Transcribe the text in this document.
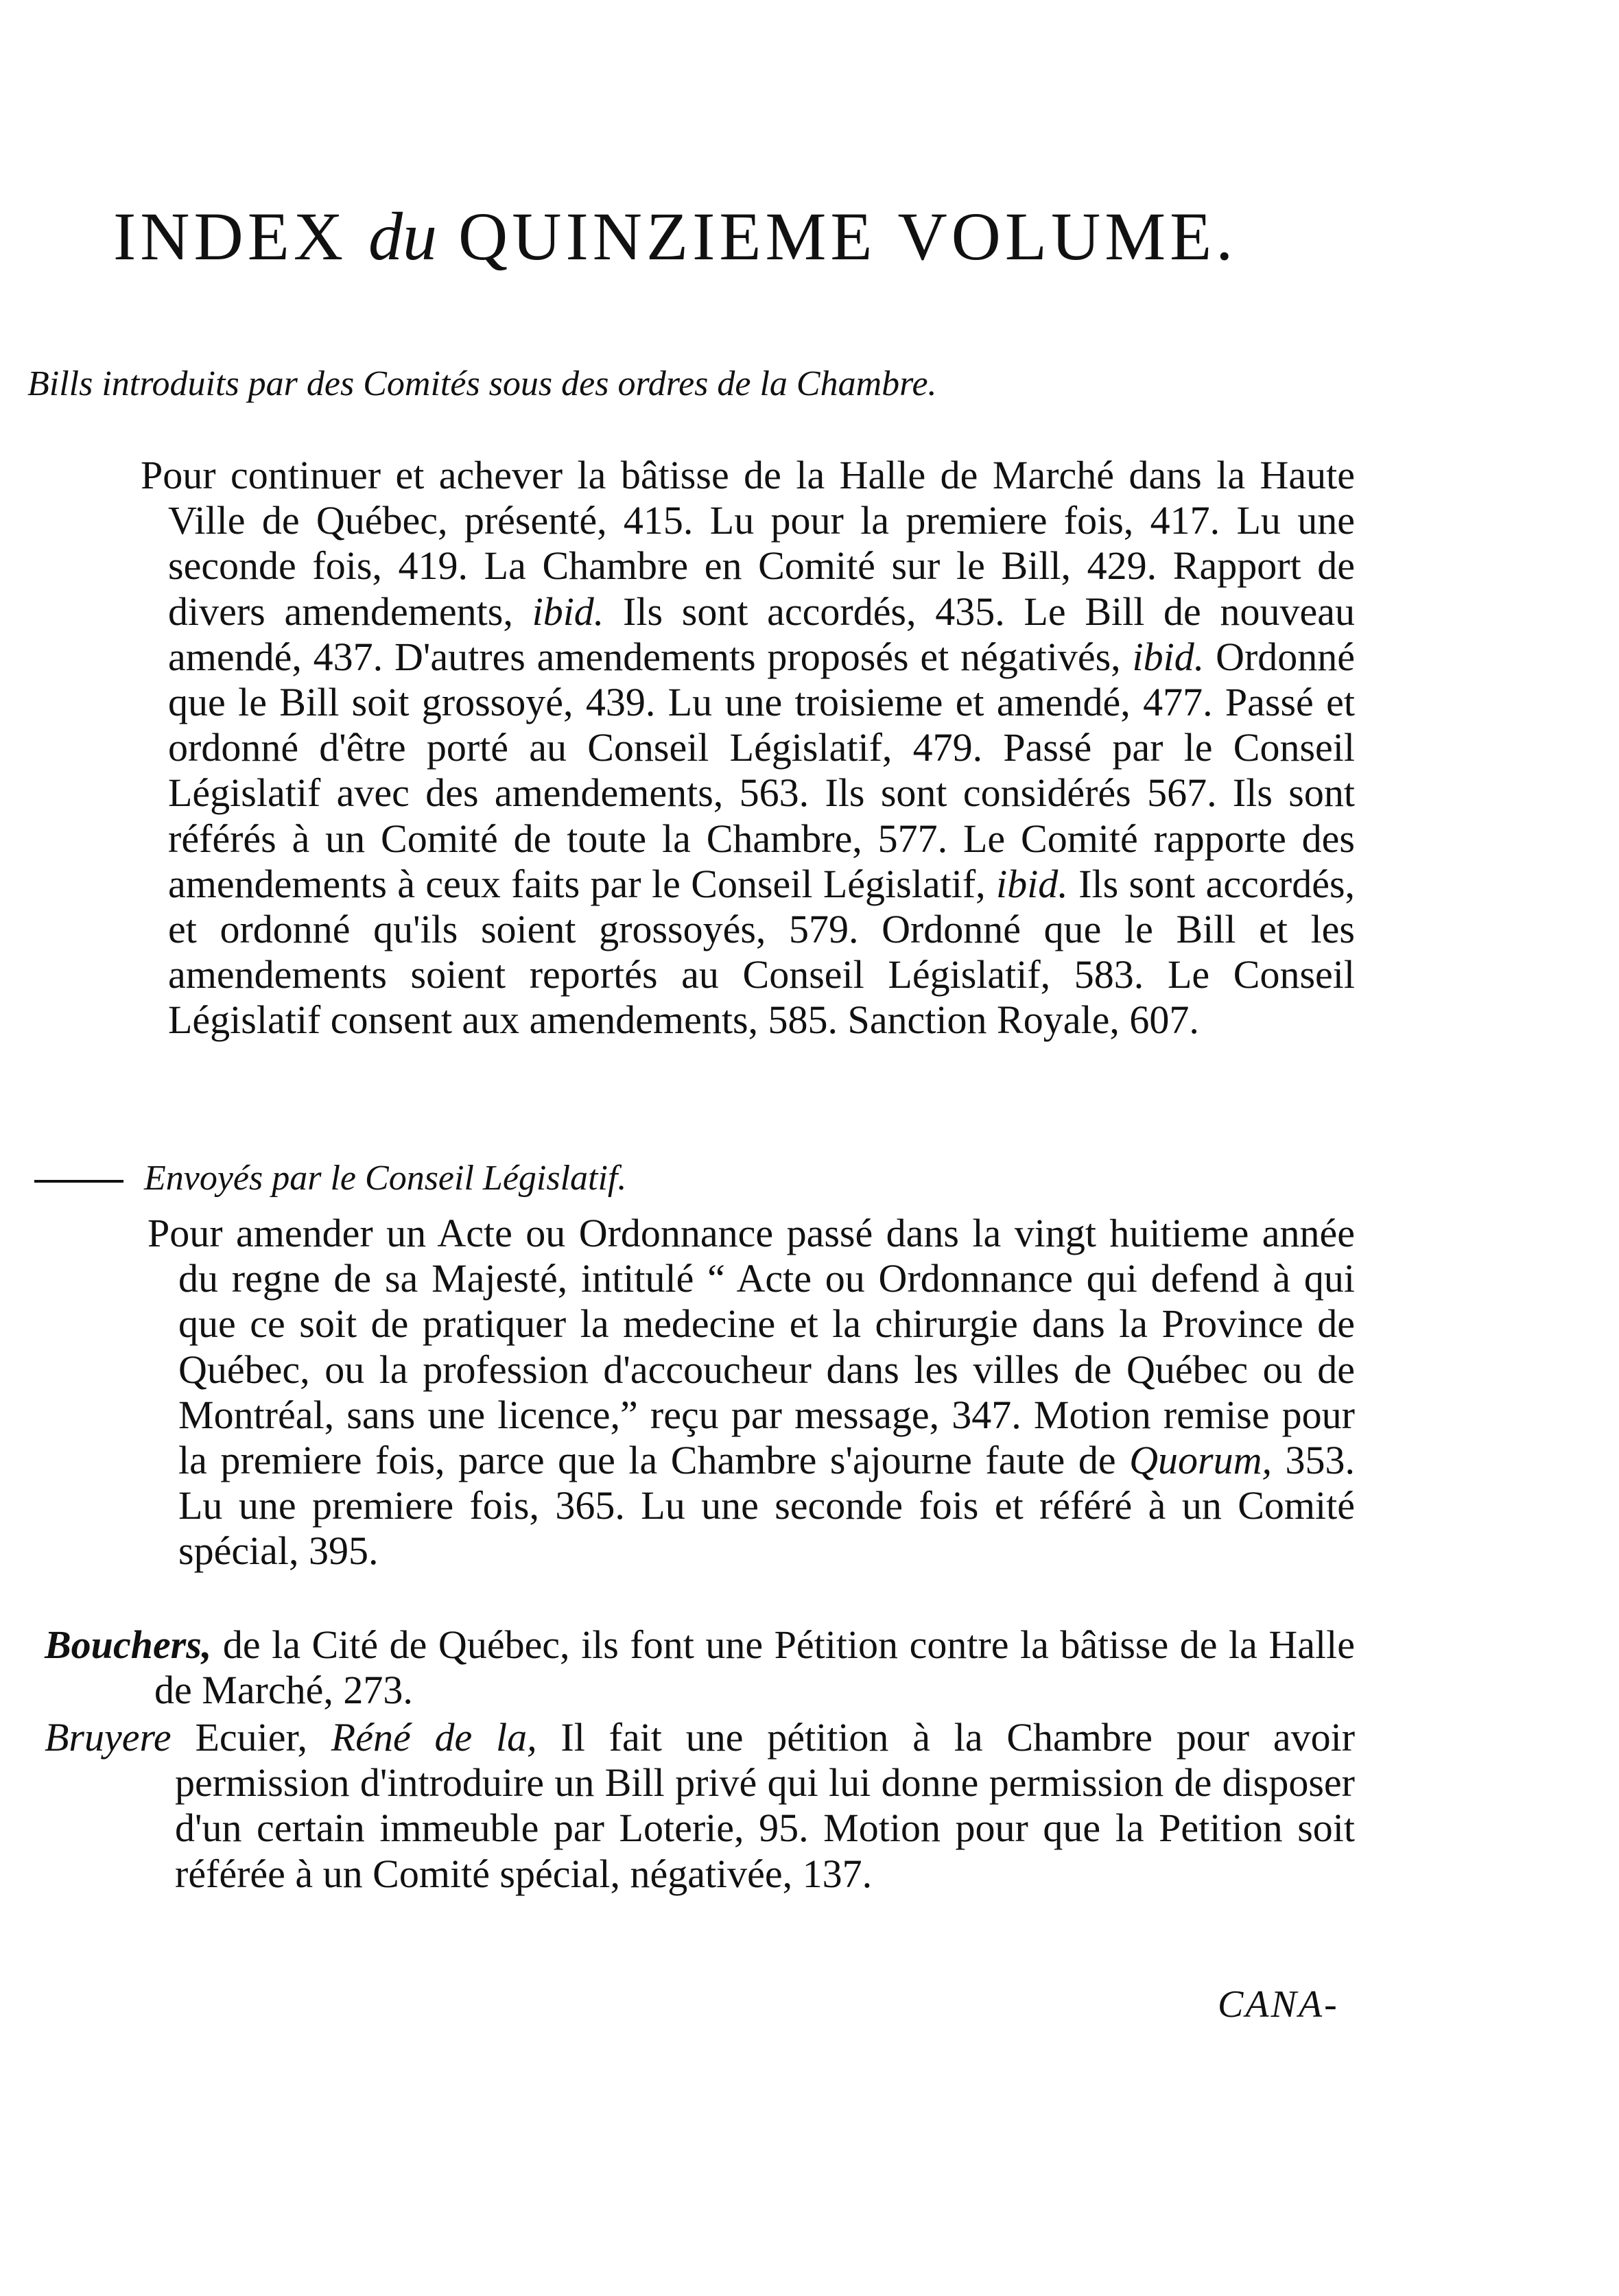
INDEX du QUINZIEME VOLUME.
Bills introduits par des Comités sous des ordres de la Chambre.

Pour continuer et achever la bâtisse de la Halle de Marché dans la Haute Ville de Québec, présenté, 415. Lu pour la premiere fois, 417. Lu une seconde fois, 419. La Chambre en Comité sur le Bill, 429. Rapport de divers amendements, ibid. Ils sont accordés, 435. Le Bill de nouveau amendé, 437. D'autres amendements proposés et négativés, ibid. Ordonné que le Bill soit grossoyé, 439. Lu une troisieme et amendé, 477. Passé et ordonné d'être porté au Conseil Législatif, 479. Passé par le Conseil Législatif avec des amendements, 563. Ils sont considérés 567. Ils sont référés à un Comité de toute la Chambre, 577. Le Comité rapporte des amendements à ceux faits par le Conseil Législatif, ibid. Ils sont accordés, et ordonné qu'ils soient grossoyés, 579. Ordonné que le Bill et les amendements soient reportés au Conseil Législatif, 583. Le Conseil Législatif consent aux amendements, 585. Sanction Royale, 607.

Envoyés par le Conseil Législatif.

Pour amender un Acte ou Ordonnance passé dans la vingt huitieme année du regne de sa Majesté, intitulé “ Acte ou Ordonnance qui defend à qui que ce soit de pratiquer la medecine et la chirurgie dans la Province de Québec, ou la profession d'accoucheur dans les villes de Québec ou de Montréal, sans une licence,” reçu par message, 347. Motion remise pour la premiere fois, parce que la Chambre s'ajourne faute de Quorum, 353. Lu une premiere fois, 365. Lu une seconde fois et référé à un Comité spécial, 395.

Bouchers, de la Cité de Québec, ils font une Pétition contre la bâtisse de la Halle de Marché, 273.

Bruyere Ecuier, Réné de la, Il fait une pétition à la Chambre pour avoir permission d'introduire un Bill privé qui lui donne permission de disposer d'un certain immeuble par Loterie, 95. Motion pour que la Petition soit référée à un Comité spécial, négativée, 137.

CANA-
